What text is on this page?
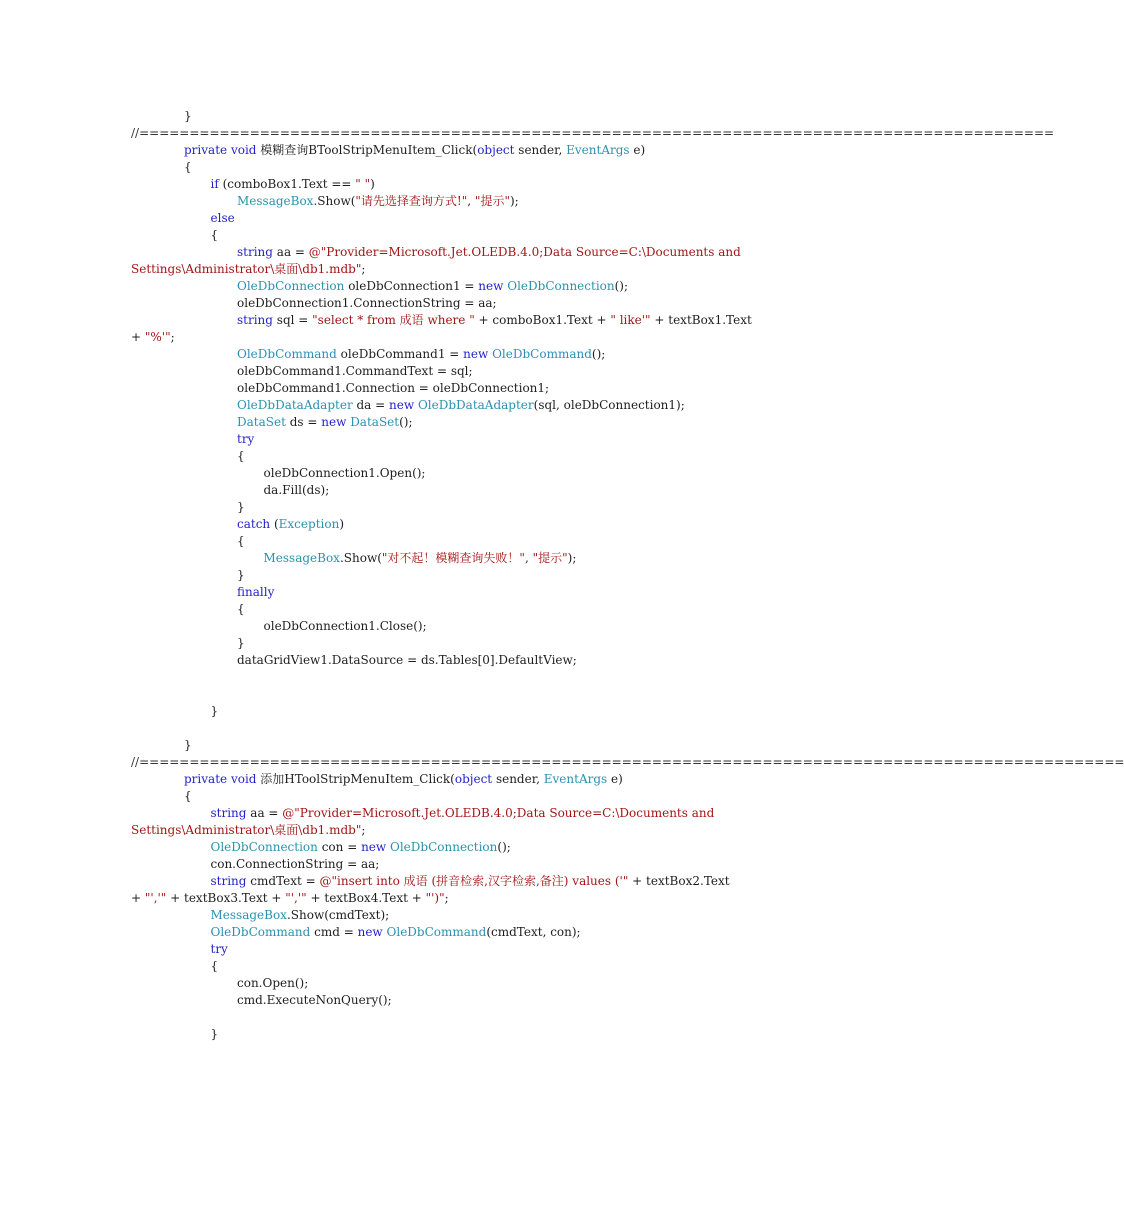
}
//===========================================================================================
private void 模糊查询BToolStripMenuItem_Click(object sender, EventArgs e)
{
if (comboBox1.Text == " ")
MessageBox.Show("请先选择查询方式!", "提示");
else
{
string aa = @"Provider=Microsoft.Jet.OLEDB.4.0;Data Source=C:\Documents and
Settings\Administrator\桌面\db1.mdb";
OleDbConnection oleDbConnection1 = new OleDbConnection();
oleDbConnection1.ConnectionString = aa;
string sql = "select * from 成语 where " + comboBox1.Text + " like'" + textBox1.Text
+ "%'";
OleDbCommand oleDbCommand1 = new OleDbCommand();
oleDbCommand1.CommandText = sql;
oleDbCommand1.Connection = oleDbConnection1;
OleDbDataAdapter da = new OleDbDataAdapter(sql, oleDbConnection1);
DataSet ds = new DataSet();
try
{
oleDbConnection1.Open();
da.Fill(ds);
}
catch (Exception)
{
MessageBox.Show("对不起！模糊查询失败！", "提示");
}
finally
{
oleDbConnection1.Close();
}
dataGridView1.DataSource = ds.Tables[0].DefaultView;
}
}
//==================================================================================================
private void 添加HToolStripMenuItem_Click(object sender, EventArgs e)
{
string aa = @"Provider=Microsoft.Jet.OLEDB.4.0;Data Source=C:\Documents and
Settings\Administrator\桌面\db1.mdb";
OleDbConnection con = new OleDbConnection();
con.ConnectionString = aa;
string cmdText = @"insert into 成语 (拼音检索,汉字检索,备注) values ('" + textBox2.Text
+ "','" + textBox3.Text + "','" + textBox4.Text + "')";
MessageBox.Show(cmdText);
OleDbCommand cmd = new OleDbCommand(cmdText, con);
try
{
con.Open();
cmd.ExecuteNonQuery();
}
